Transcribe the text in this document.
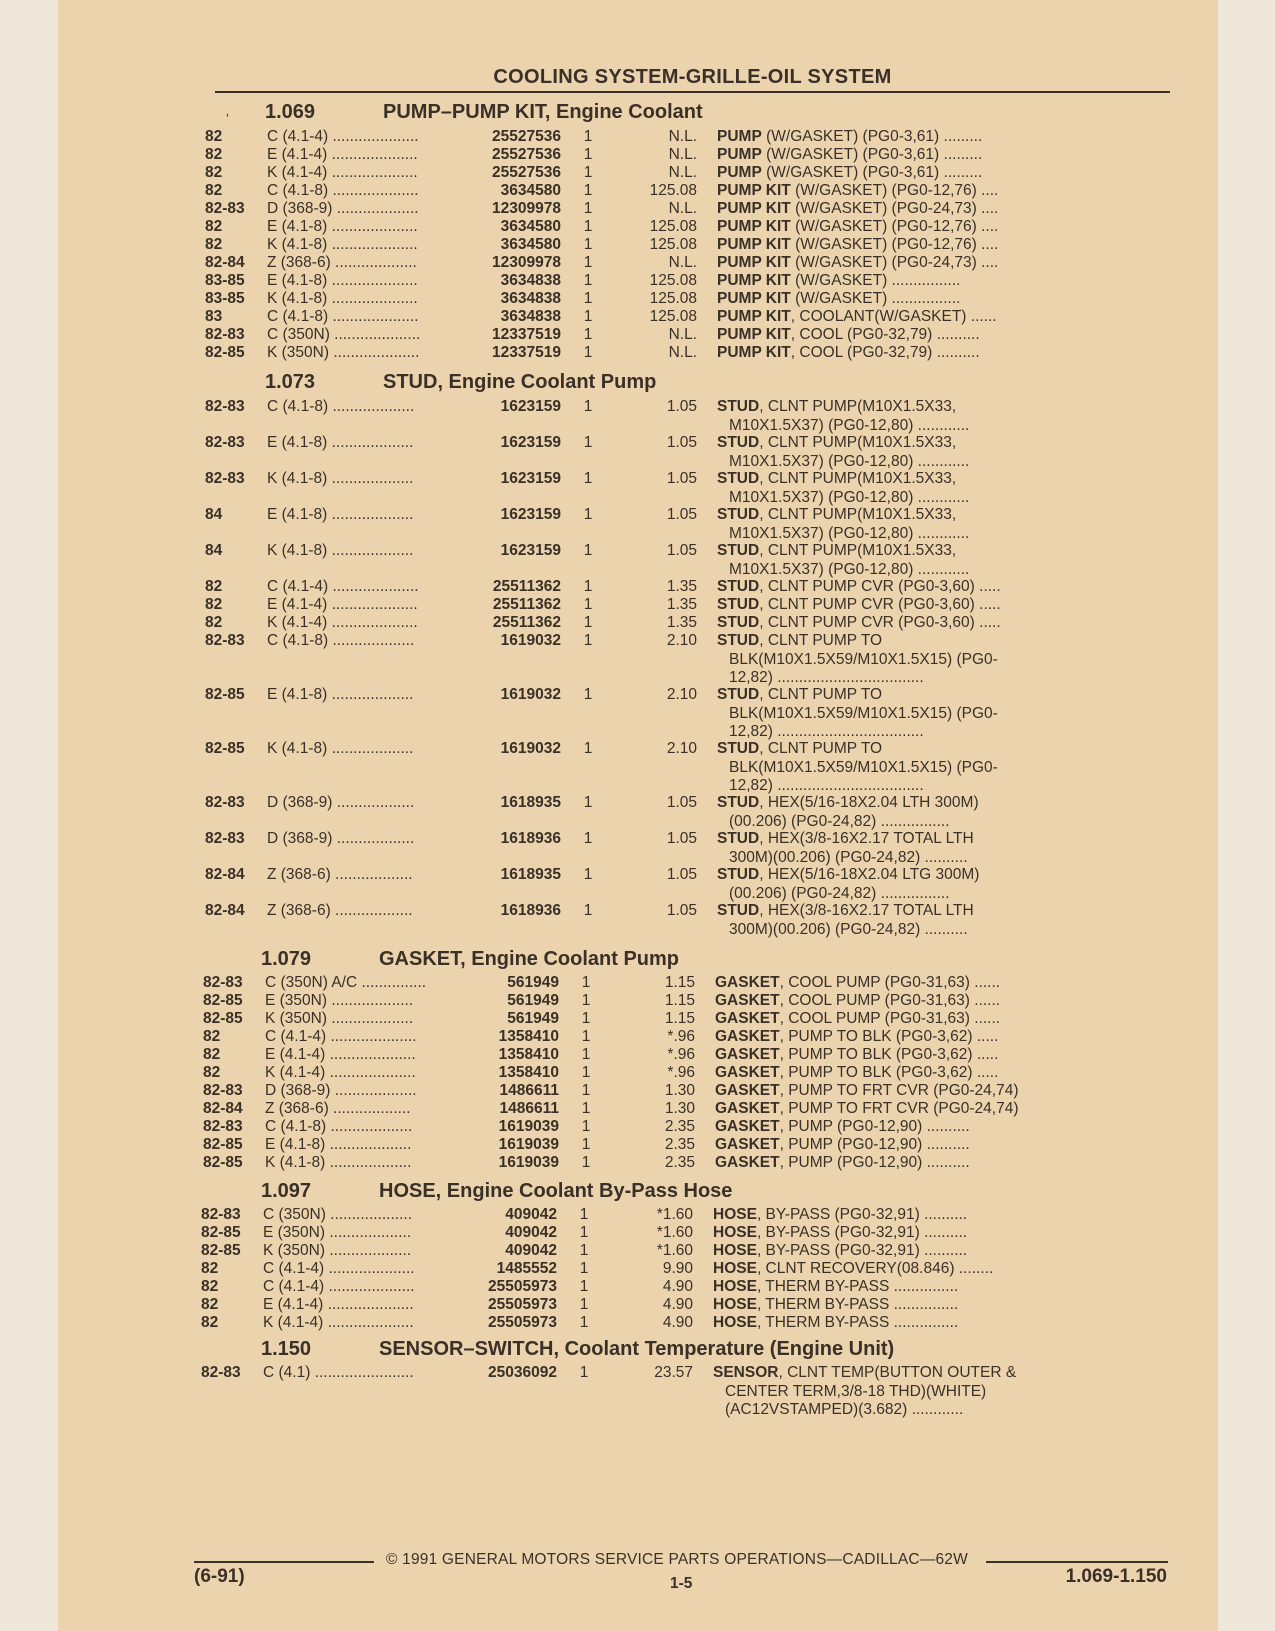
COOLING SYSTEM-GRILLE-OIL SYSTEM
‘ 1.069	PUMP–PUMP KIT, Engine Coolant
82	C (4.1-4) ....................	25527536 1	N.L. PUMP (W/GASKET) (PG0-3,61) .........
82	E (4.1-4) ....................	25527536 1	N.L. PUMP (W/GASKET) (PG0-3,61) .........
82	K (4.1-4) ....................	25527536 1	N.L. PUMP (W/GASKET) (PG0-3,61) .........
82	C (4.1-8) ....................	3634580 1	125.08 PUMP KIT (W/GASKET) (PG0-12,76) ....
82-83 D (368-9) ...................	12309978 1	N.L. PUMP KIT (W/GASKET) (PG0-24,73) ....
82	E (4.1-8) ....................	3634580 1	125.08 PUMP KIT (W/GASKET) (PG0-12,76) ....
82	K (4.1-8) ....................	3634580 1	125.08 PUMP KIT (W/GASKET) (PG0-12,76) ....
82-84 Z (368-6) ...................	12309978 1	N.L. PUMP KIT (W/GASKET) (PG0-24,73) ....
83-85 E (4.1-8) ....................	3634838 1	125.08 PUMP KIT (W/GASKET) ................
83-85 K (4.1-8) ....................	3634838 1	125.08 PUMP KIT (W/GASKET) ................
83	C (4.1-8) ....................	3634838 1	125.08 PUMP KIT, COOLANT(W/GASKET) ......
82-83 C (350N) ....................	12337519 1	N.L. PUMP KIT, COOL (PG0-32,79) ..........
82-85 K (350N) ....................	12337519 1	N.L. PUMP KIT, COOL (PG0-32,79) ..........
1.073	STUD, Engine Coolant Pump
82-83 C (4.1-8) ...................	1623159 1	1.05 STUD, CLNT PUMP(M10X1.5X33,
M10X1.5X37) (PG0-12,80) ............
82-83 E (4.1-8) ...................	1623159 1	1.05 STUD, CLNT PUMP(M10X1.5X33,
M10X1.5X37) (PG0-12,80) ............
82-83 K (4.1-8) ...................	1623159 1	1.05 STUD, CLNT PUMP(M10X1.5X33,
M10X1.5X37) (PG0-12,80) ............
84	E (4.1-8) ...................	1623159 1	1.05 STUD, CLNT PUMP(M10X1.5X33,
M10X1.5X37) (PG0-12,80) ............
84	K (4.1-8) ...................	1623159 1	1.05 STUD, CLNT PUMP(M10X1.5X33,
M10X1.5X37) (PG0-12,80) ............
82	C (4.1-4) ....................	25511362 1	1.35 STUD, CLNT PUMP CVR (PG0-3,60) .....
82	E (4.1-4) ....................	25511362 1	1.35 STUD, CLNT PUMP CVR (PG0-3,60) .....
82	K (4.1-4) ....................	25511362 1	1.35 STUD, CLNT PUMP CVR (PG0-3,60) .....
82-83 C (4.1-8) ...................	1619032 1	2.10 STUD, CLNT PUMP TO
BLK(M10X1.5X59/M10X1.5X15) (PG0-
12,82) ..................................
82-85 E (4.1-8) ...................	1619032 1	2.10 STUD, CLNT PUMP TO
BLK(M10X1.5X59/M10X1.5X15) (PG0-
12,82) ..................................
82-85 K (4.1-8) ...................	1619032 1	2.10 STUD, CLNT PUMP TO
BLK(M10X1.5X59/M10X1.5X15) (PG0-
12,82) ..................................
82-83 D (368-9) ..................	1618935 1	1.05 STUD, HEX(5/16-18X2.04 LTH 300M)
(00.206) (PG0-24,82) ................
82-83 D (368-9) ..................	1618936 1	1.05 STUD, HEX(3/8-16X2.17 TOTAL LTH
300M)(00.206) (PG0-24,82) ..........
82-84 Z (368-6) ..................	1618935 1	1.05 STUD, HEX(5/16-18X2.04 LTG 300M)
(00.206) (PG0-24,82) ................
82-84 Z (368-6) ..................	1618936 1	1.05 STUD, HEX(3/8-16X2.17 TOTAL LTH
300M)(00.206) (PG0-24,82) ..........
1.079	GASKET, Engine Coolant Pump
82-83 C (350N) A/C ...............	561949 1	1.15 GASKET, COOL PUMP (PG0-31,63) ......
82-85 E (350N) ...................	561949 1	1.15 GASKET, COOL PUMP (PG0-31,63) ......
82-85 K (350N) ...................	561949 1	1.15 GASKET, COOL PUMP (PG0-31,63) ......
82	C (4.1-4) ....................	1358410 1	*.96 GASKET, PUMP TO BLK (PG0-3,62) .....
82	E (4.1-4) ....................	1358410 1	*.96 GASKET, PUMP TO BLK (PG0-3,62) .....
82	K (4.1-4) ....................	1358410 1	*.96 GASKET, PUMP TO BLK (PG0-3,62) .....
82-83 D (368-9) ...................	1486611 1	1.30 GASKET, PUMP TO FRT CVR (PG0-24,74)
82-84 Z (368-6) ..................	1486611 1	1.30 GASKET, PUMP TO FRT CVR (PG0-24,74)
82-83 C (4.1-8) ...................	1619039 1	2.35 GASKET, PUMP (PG0-12,90) ..........
82-85 E (4.1-8) ...................	1619039 1	2.35 GASKET, PUMP (PG0-12,90) ..........
82-85 K (4.1-8) ...................	1619039 1	2.35 GASKET, PUMP (PG0-12,90) ..........
1.097	HOSE, Engine Coolant By-Pass Hose
82-83 C (350N) ...................	409042 1	*1.60 HOSE, BY-PASS (PG0-32,91) ..........
82-85 E (350N) ...................	409042 1	*1.60 HOSE, BY-PASS (PG0-32,91) ..........
82-85 K (350N) ...................	409042 1	*1.60 HOSE, BY-PASS (PG0-32,91) ..........
82	C (4.1-4) ....................	1485552 1	9.90 HOSE, CLNT RECOVERY(08.846) ........
82	C (4.1-4) ....................	25505973 1	4.90 HOSE, THERM BY-PASS ...............
82	E (4.1-4) ....................	25505973 1	4.90 HOSE, THERM BY-PASS ...............
82	K (4.1-4) ....................	25505973 1	4.90 HOSE, THERM BY-PASS ...............
1.150	SENSOR–SWITCH, Coolant Temperature (Engine Unit)
82-83 C (4.1) .......................	25036092 1	23.57 SENSOR, CLNT TEMP(BUTTON OUTER &
CENTER TERM,3/8-18 THD)(WHITE)
(AC12VSTAMPED)(3.682) ............
© 1991 GENERAL MOTORS SERVICE PARTS OPERATIONS—CADILLAC—62W
(6-91)	1-5	1.069-1.150
